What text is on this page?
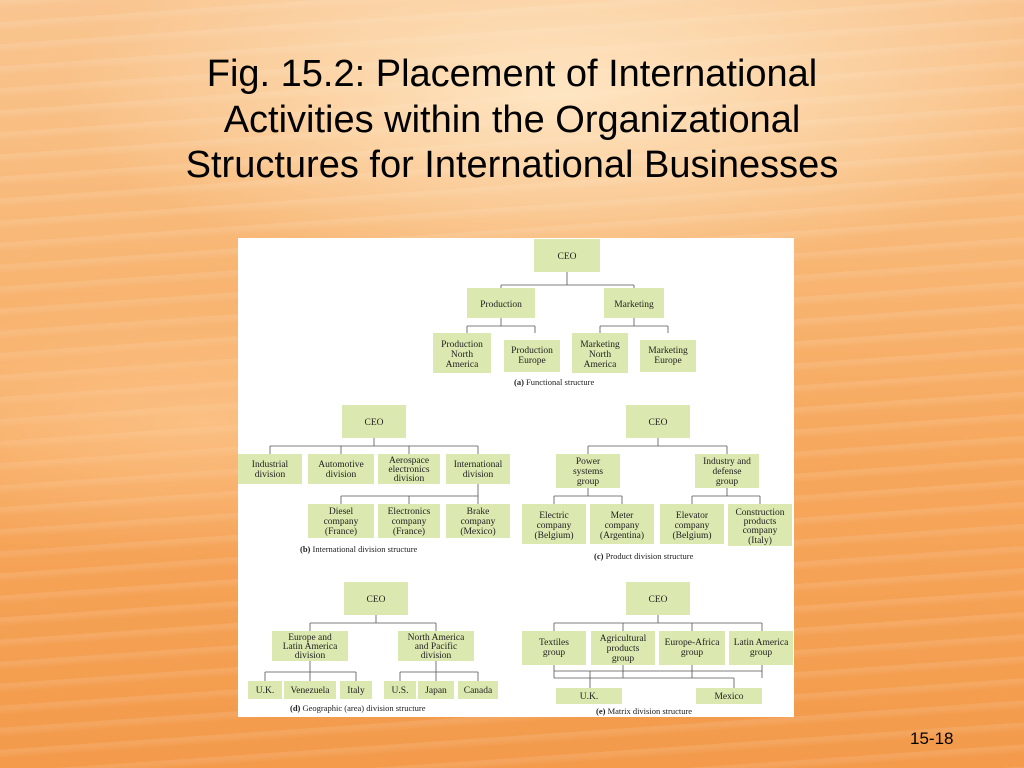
Fig. 15.2: Placement of International
Activities within the Organizational
Structures for International Businesses
CEO
Production	Marketing
Production
North
America
Production
Europe
Marketing
North
America
Marketing
Europe
(a) Functional structure
CEO
Industrial
division
Automotive
division
Aerospace
electronics
division
International
division
Diesel
company
(France)
Electronics
company
(France)
Brake
company
(Mexico)
(b) International division structure
CEO
Power
systems
group
Industry and
defense
group
Electric
company
(Belgium)
Meter
company
(Argentina)
Elevator
company
(Belgium)
Construction
products
company
(Italy)
(c) Product division structure
CEO
Europe and
Latin America
division
North America
and Pacific
division
U.K. Venezuela Italy	U.S. Japan Canada
(d) Geographic (area) division structure
CEO
Textiles
group
Agricultural
products
group
Europe-Africa
group
Latin America
group
U.K.	Mexico
(e) Matrix division structure
15-18
